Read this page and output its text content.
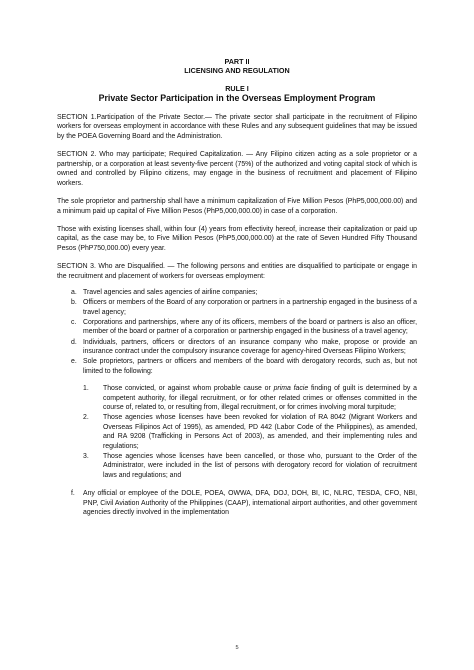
PART II
LICENSING AND REGULATION
RULE I
Private Sector Participation in the Overseas Employment Program

SECTION 1.Participation of the Private Sector.— The private sector shall participate in the recruitment of Filipino workers for overseas employment in accordance with these Rules and any subsequent guidelines that may be issued by the POEA Governing Board and the Administration.

SECTION 2. Who may participate; Required Capitalization. — Any Filipino citizen acting as a sole proprietor or a partnership, or a corporation at least seventy-five percent (75%) of the authorized and voting capital stock of which is owned and controlled by Filipino citizens, may engage in the business of recruitment and placement of Filipino workers.

The sole proprietor and partnership shall have a minimum capitalization of Five Million Pesos (PhP5,000,000.00) and a minimum paid up capital of Five Million Pesos (PhP5,000,000.00) in case of a corporation.

Those with existing licenses shall, within four (4) years from effectivity hereof, increase their capitalization or paid up capital, as the case may be, to Five Million Pesos (PhP5,000,000.00) at the rate of Seven Hundred Fifty Thousand Pesos (PhP750,000.00) every year.

SECTION 3. Who are Disqualified. — The following persons and entities are disqualified to participate or engage in the recruitment and placement of workers for overseas employment:

a. Travel agencies and sales agencies of airline companies;
b. Officers or members of the Board of any corporation or partners in a partnership engaged in the business of a travel agency;
c. Corporations and partnerships, where any of its officers, members of the board or partners is also an officer, member of the board or partner of a corporation or partnership engaged in the business of a travel agency;
d. Individuals, partners, officers or directors of an insurance company who make, propose or provide an insurance contract under the compulsory insurance coverage for agency-hired Overseas Filipino Workers;
e. Sole proprietors, partners or officers and members of the board with derogatory records, such as, but not limited to the following:
1. Those convicted, or against whom probable cause or prima facie finding of guilt is determined by a competent authority, for illegal recruitment, or for other related crimes or offenses committed in the course of, related to, or resulting from, illegal recruitment, or for crimes involving moral turpitude;
2. Those agencies whose licenses have been revoked for violation of RA 8042 (Migrant Workers and Overseas Filipinos Act of 1995), as amended, PD 442 (Labor Code of the Philippines), as amended, and RA 9208 (Trafficking in Persons Act of 2003), as amended, and their implementing rules and regulations;
3. Those agencies whose licenses have been cancelled, or those who, pursuant to the Order of the Administrator, were included in the list of persons with derogatory record for violation of recruitment laws and regulations; and
f. Any official or employee of the DOLE, POEA, OWWA, DFA, DOJ, DOH, BI, IC, NLRC, TESDA, CFO, NBI, PNP, Civil Aviation Authority of the Philippines (CAAP), international airport authorities, and other government agencies directly involved in the implementation
5
